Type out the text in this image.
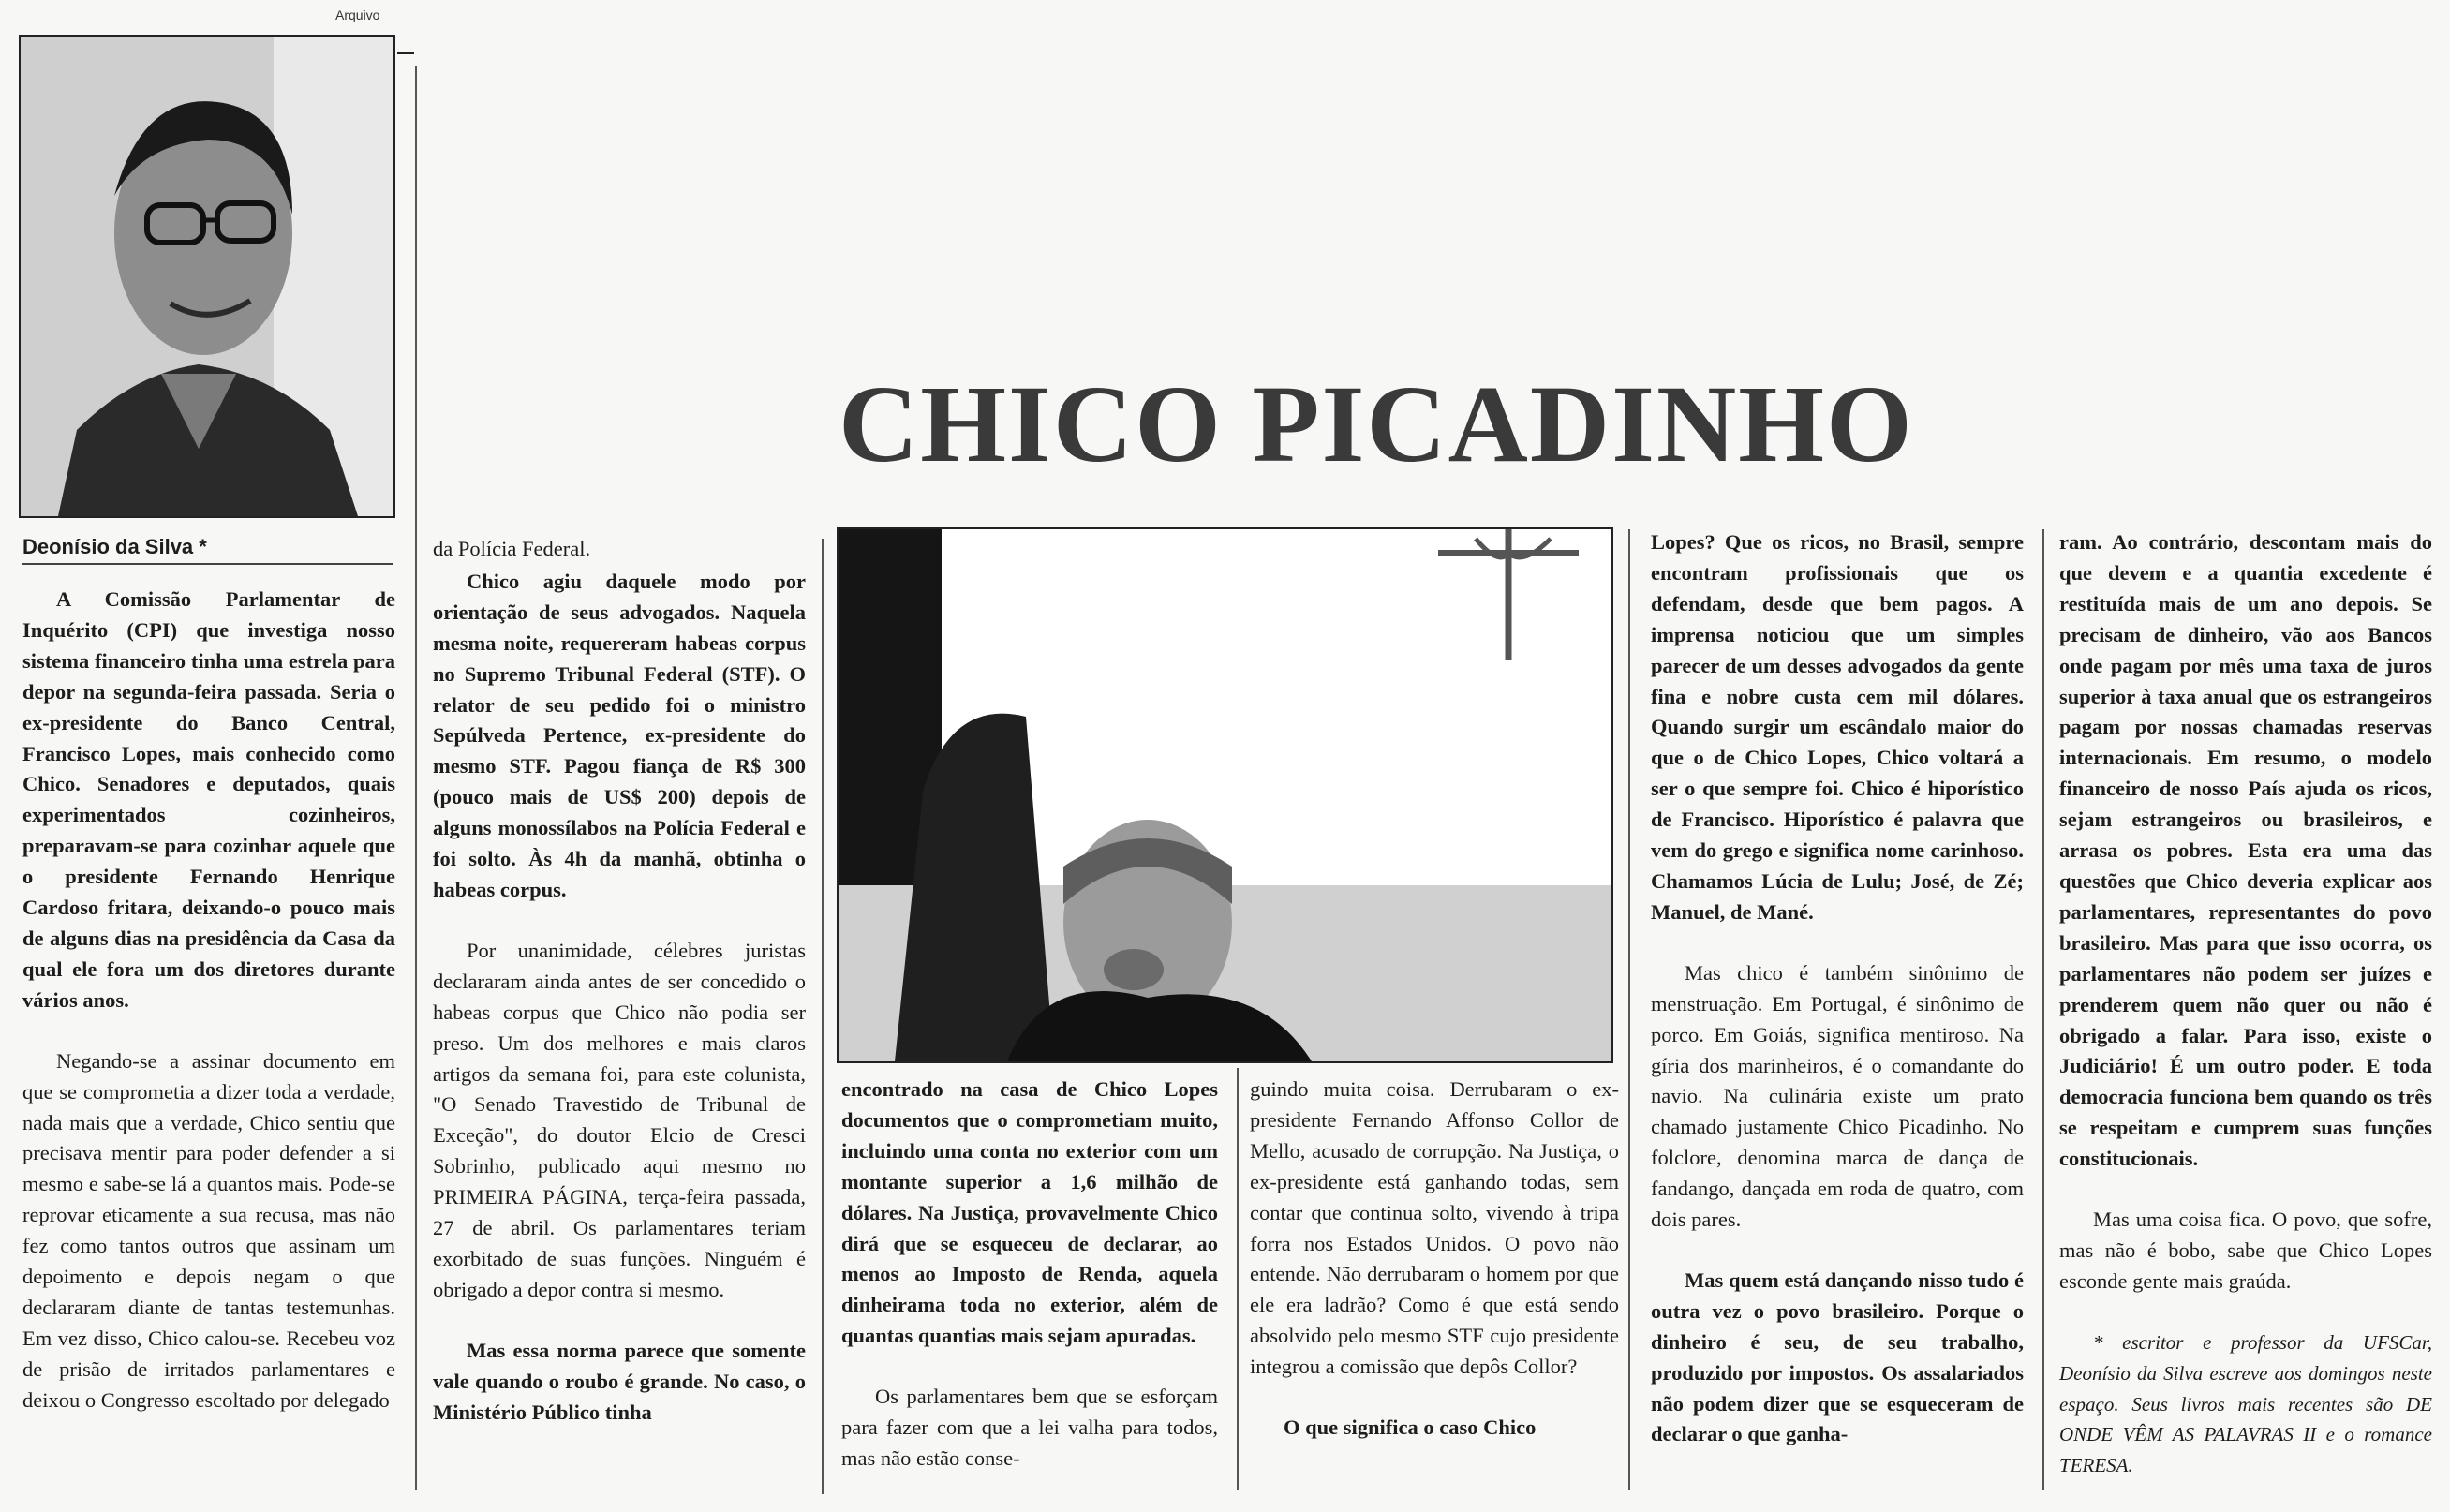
Arquivo
Deonísio da Silva *
CHICO PICADINHO

A Comissão Parlamentar de Inquérito (CPI) que investiga nosso sistema financeiro tinha uma estrela para depor na segunda-feira passada. Seria o ex-presidente do Banco Central, Francisco Lopes, mais conhecido como Chico. Senadores e deputados, quais experimentados cozinheiros, preparavam-se para cozinhar aquele que o presidente Fernando Henrique Cardoso fritara, deixando-o pouco mais de alguns dias na presidência da Casa da qual ele fora um dos diretores durante vários anos.

Negando-se a assinar documento em que se comprometia a dizer toda a verdade, nada mais que a verdade, Chico sentiu que precisava mentir para poder defender a si mesmo e sabe-se lá a quantos mais. Pode-se reprovar eticamente a sua recusa, mas não fez como tantos outros que assinam um depoimento e depois negam o que declararam diante de tantas testemunhas. Em vez disso, Chico calou-se. Recebeu voz de prisão de irritados parlamentares e deixou o Congresso escoltado por delegado

da Polícia Federal.

Chico agiu daquele modo por orientação de seus advogados. Naquela mesma noite, requereram habeas corpus no Supremo Tribunal Federal (STF). O relator de seu pedido foi o ministro Sepúlveda Pertence, ex-presidente do mesmo STF. Pagou fiança de R$ 300 (pouco mais de US$ 200) depois de alguns monossílabos na Polícia Federal e foi solto. Às 4h da manhã, obtinha o habeas corpus.

Por unanimidade, célebres juristas declararam ainda antes de ser concedido o habeas corpus que Chico não podia ser preso. Um dos melhores e mais claros artigos da semana foi, para este colunista, "O Senado Travestido de Tribunal de Exceção", do doutor Elcio de Cresci Sobrinho, publicado aqui mesmo no PRIMEIRA PÁGINA, terça-feira passada, 27 de abril. Os parlamentares teriam exorbitado de suas funções. Ninguém é obrigado a depor contra si mesmo.

Mas essa norma parece que somente vale quando o roubo é grande. No caso, o Ministério Público tinha

encontrado na casa de Chico Lopes documentos que o comprometiam muito, incluindo uma conta no exterior com um montante superior a 1,6 milhão de dólares. Na Justiça, provavelmente Chico dirá que se esqueceu de declarar, ao menos ao Imposto de Renda, aquela dinheirama toda no exterior, além de quantas quantias mais sejam apuradas.

Os parlamentares bem que se esforçam para fazer com que a lei valha para todos, mas não estão conse-

guindo muita coisa. Derrubaram o ex-presidente Fernando Affonso Collor de Mello, acusado de corrupção. Na Justiça, o ex-presidente está ganhando todas, sem contar que continua solto, vivendo à tripa forra nos Estados Unidos. O povo não entende. Não derrubaram o homem por que ele era ladrão? Como é que está sendo absolvido pelo mesmo STF cujo presidente integrou a comissão que depôs Collor?

O que significa o caso Chico

Lopes? Que os ricos, no Brasil, sempre encontram profissionais que os defendam, desde que bem pagos. A imprensa noticiou que um simples parecer de um desses advogados da gente fina e nobre custa cem mil dólares. Quando surgir um escândalo maior do que o de Chico Lopes, Chico voltará a ser o que sempre foi. Chico é hiporístico de Francisco. Hiporístico é palavra que vem do grego e significa nome carinhoso. Chamamos Lúcia de Lulu; José, de Zé; Manuel, de Mané.

Mas chico é também sinônimo de menstruação. Em Portugal, é sinônimo de porco. Em Goiás, significa mentiroso. Na gíria dos marinheiros, é o comandante do navio. Na culinária existe um prato chamado justamente Chico Picadinho. No folclore, denomina marca de dança de fandango, dançada em roda de quatro, com dois pares.

Mas quem está dançando nisso tudo é outra vez o povo brasileiro. Porque o dinheiro é seu, de seu trabalho, produzido por impostos. Os assalariados não podem dizer que se esqueceram de declarar o que ganha-

ram. Ao contrário, descontam mais do que devem e a quantia excedente é restituída mais de um ano depois. Se precisam de dinheiro, vão aos Bancos onde pagam por mês uma taxa de juros superior à taxa anual que os estrangeiros pagam por nossas chamadas reservas internacionais. Em resumo, o modelo financeiro de nosso País ajuda os ricos, sejam estrangeiros ou brasileiros, e arrasa os pobres. Esta era uma das questões que Chico deveria explicar aos parlamentares, representantes do povo brasileiro. Mas para que isso ocorra, os parlamentares não podem ser juízes e prenderem quem não quer ou não é obrigado a falar. Para isso, existe o Judiciário! É um outro poder. E toda democracia funciona bem quando os três se respeitam e cumprem suas funções constitucionais.

Mas uma coisa fica. O povo, que sofre, mas não é bobo, sabe que Chico Lopes esconde gente mais graúda.

* escritor e professor da UFSCar, Deonísio da Silva escreve aos domingos neste espaço. Seus livros mais recentes são DE ONDE VÊM AS PALAVRAS II e o romance TERESA.
